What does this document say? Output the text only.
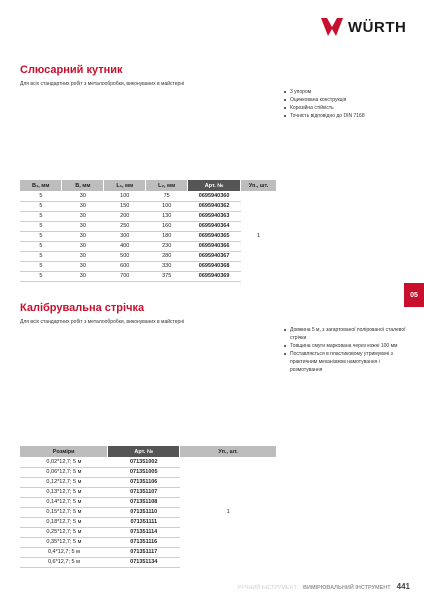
WÜRTH
Слюсарний кутник
Для всіх стандартних робіт з металообробки, виконуваних в майстерні
3 упором
Оцинкована конструкція
Корозійна стійкість
Точність відповідно до DIN 7168
B₁, мм	B, мм	L₁, мм	L₂, мм	Арт. №	Уп., шт.
5	30	100	75	0695940360	1
5	30	150	100	0695940362	
5	30	200	130	0695940363	
5	30	250	160	0695940364	
5	30	300	180	0695940365	
5	30	400	230	0695940366	
5	30	500	280	0695940367	
5	30	600	330	0695940368	
5	30	700	375	0695940369	
05
Калібрувальна стрічка
Для всіх стандартних робіт з металообробки, виконуваних в майстерні
Довжина 5 м, з загартованої полірованої сталевої стрічки
Товщина смуги маркована через кожні 100 мм
Поставляється в пластиковому утримувачі з практичним механізмом намотування і розмотування
Розміри	Арт. №	Уп., шт.
0,02*12,7; 5 м	071351002	1
0,06*12,7; 5 м	071351005	
0,12*12,7; 5 м	071351106	
0,13*12,7; 5 м	071351107	
0,14*12,7; 5 м	071351108	
0,15*12,7; 5 м	071351110	
0,18*12,7; 5 м	071351111	
0,25*12,7; 5 м	071351114	
0,35*12,7; 5 м	071351116	
0,4*12,7; 5 м	071351117	
0,6*12,7; 5 м	071351134	
РУЧНИЙ ІНСТРУМЕНТ ВИМІРЮВАЛЬНИЙ ІНСТРУМЕНТ 441
